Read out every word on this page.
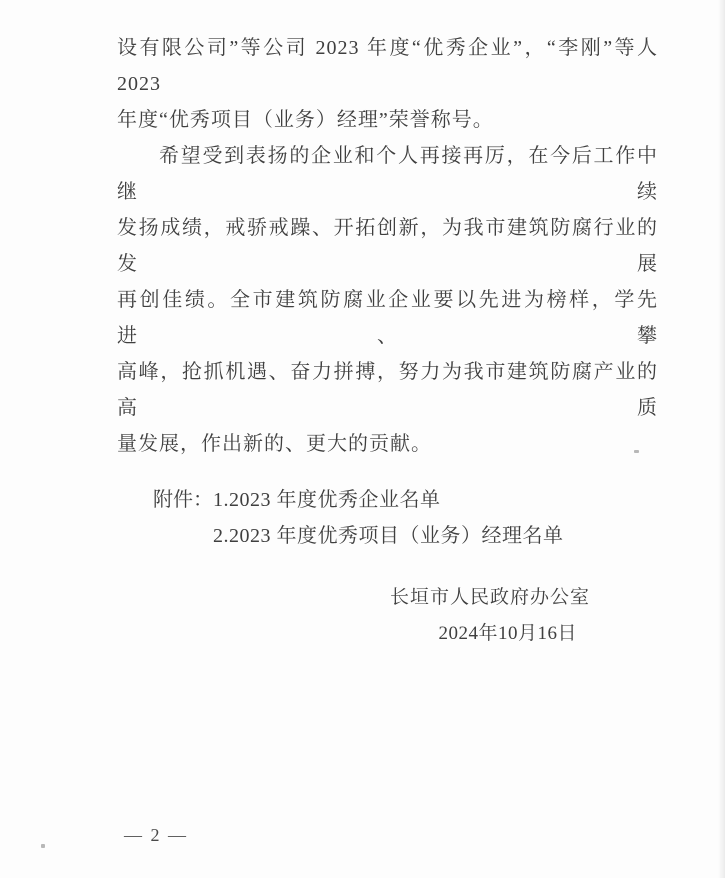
设有限公司”等公司 2023 年度“优秀企业”，“李刚”等人 2023
年度“优秀项目（业务）经理”荣誉称号。

希望受到表扬的企业和个人再接再厉，在今后工作中继续
发扬成绩，戒骄戒躁、开拓创新，为我市建筑防腐行业的发展
再创佳绩。全市建筑防腐业企业要以先进为榜样，学先进、攀
高峰，抢抓机遇、奋力拼搏，努力为我市建筑防腐产业的高质
量发展，作出新的、更大的贡献。

附件： 1.2023 年度优秀企业名单
2.2023 年度优秀项目（业务）经理名单
长垣市人民政府办公室
2024年10月16日
— 2 —
